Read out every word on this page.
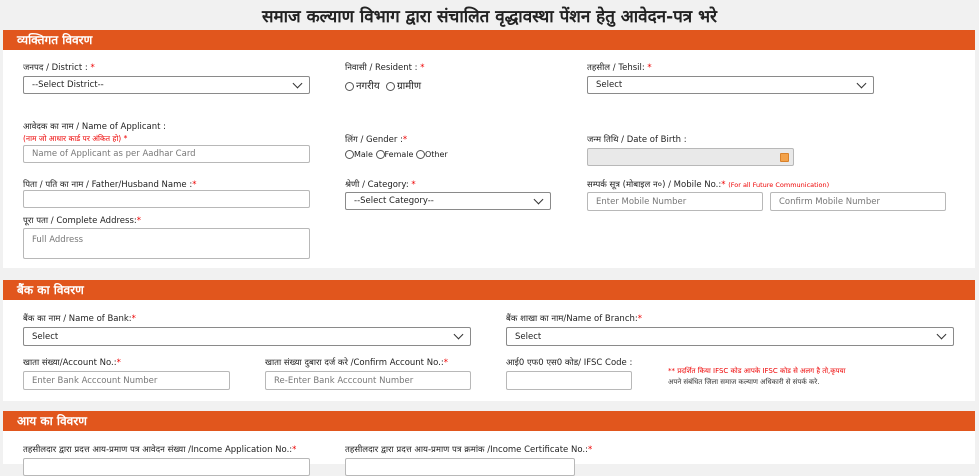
समाज कल्याण विभाग द्वारा संचालित वृद्धावस्था पेंशन हेतु आवेदन-पत्र भरे
व्यक्तिगत विवरण
जनपद / District : *
--Select District--
निवासी / Resident : *
नगरीय ग्रामीण
तहसील / Tehsil: *
Select
आवेदक का नाम / Name of Applicant :
(नाम जो आधार कार्ड पर अंकित हो) *
Name of Applicant as per Aadhar Card
लिंग / Gender :*
Male Female Other
जन्म तिथि / Date of Birth :
पिता / पति का नाम / Father/Husband Name :*	श्रेणी / Category: *
--Select Category--
सम्पर्क सूत्र (मोबाइल न०) / Mobile No.:* (For all Future Communication)
Enter Mobile Number	Confirm Mobile Number
पूरा पता / Complete Address:*
Full Address
बैंक का विवरण
बैंक का नाम / Name of Bank:*
Select
बैंक शाखा का नाम/Name of Branch:*
Select
खाता संख्या/Account No.:*
Enter Bank Acccount Number
खाता संख्या दुबारा दर्ज करे /Confirm Account No.:*
Re-Enter Bank Acccount Number
आई0 एफ0 एस0 कोड/ IFSC Code :
** प्रदर्शित किया IFSC कोड आपके IFSC कोड से अलग है तो,कृपया
अपने संबंधित जिला समाज कल्याण अधिकारी से संपर्क करे.
आय का विवरण
तहसीलदार द्वारा प्रदत्त आय-प्रमाण पत्र आवेदन संख्या /Income Application No.:*	तहसीलदार द्वारा प्रदत्त आय-प्रमाण पत्र क्रमांक /Income Certificate No.:*
